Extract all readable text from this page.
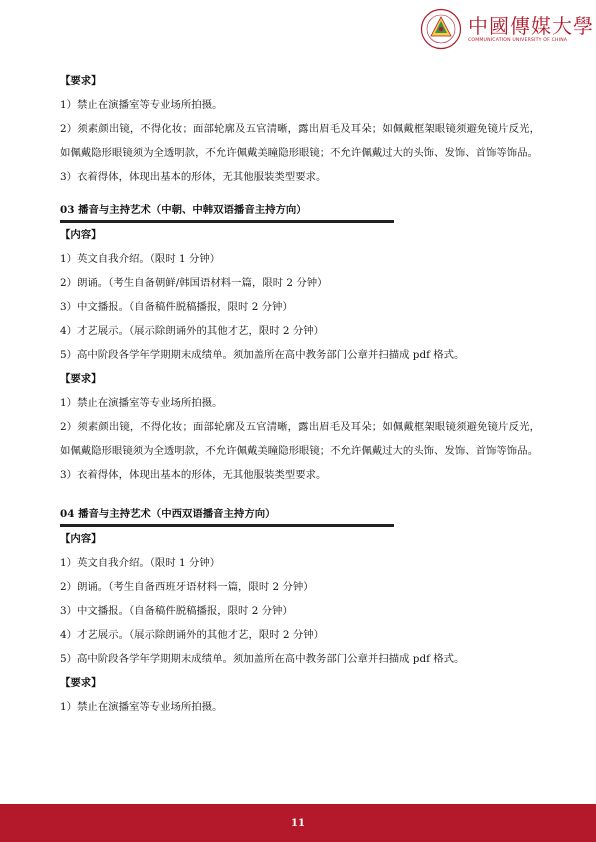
中國傳媒大學
COMMUNICATION UNIVERSITY OF CHINA
【要求】
1）禁止在演播室等专业场所拍摄。
2）须素颜出镜，不得化妆；面部轮廓及五官清晰，露出眉毛及耳朵；如佩戴框架眼镜须避免镜片反光，如佩戴隐形眼镜须为全透明款，不允许佩戴美瞳隐形眼镜；不允许佩戴过大的头饰、发饰、首饰等饰品。
3）衣着得体，体现出基本的形体，无其他服装类型要求。
03 播音与主持艺术（中朝、中韩双语播音主持方向）
【内容】
1）英文自我介绍。（限时 1 分钟）
2）朗诵。（考生自备朝鲜/韩国语材料一篇，限时 2 分钟）
3）中文播报。（自备稿件脱稿播报，限时 2 分钟）
4）才艺展示。（展示除朗诵外的其他才艺，限时 2 分钟）
5）高中阶段各学年学期期末成绩单。须加盖所在高中教务部门公章并扫描成 pdf 格式。
【要求】
1）禁止在演播室等专业场所拍摄。
2）须素颜出镜，不得化妆；面部轮廓及五官清晰，露出眉毛及耳朵；如佩戴框架眼镜须避免镜片反光，如佩戴隐形眼镜须为全透明款，不允许佩戴美瞳隐形眼镜；不允许佩戴过大的头饰、发饰、首饰等饰品。
3）衣着得体，体现出基本的形体，无其他服装类型要求。
04 播音与主持艺术（中西双语播音主持方向）
【内容】
1）英文自我介绍。（限时 1 分钟）
2）朗诵。（考生自备西班牙语材料一篇，限时 2 分钟）
3）中文播报。（自备稿件脱稿播报，限时 2 分钟）
4）才艺展示。（展示除朗诵外的其他才艺，限时 2 分钟）
5）高中阶段各学年学期期末成绩单。须加盖所在高中教务部门公章并扫描成 pdf 格式。
【要求】
1）禁止在演播室等专业场所拍摄。
11
